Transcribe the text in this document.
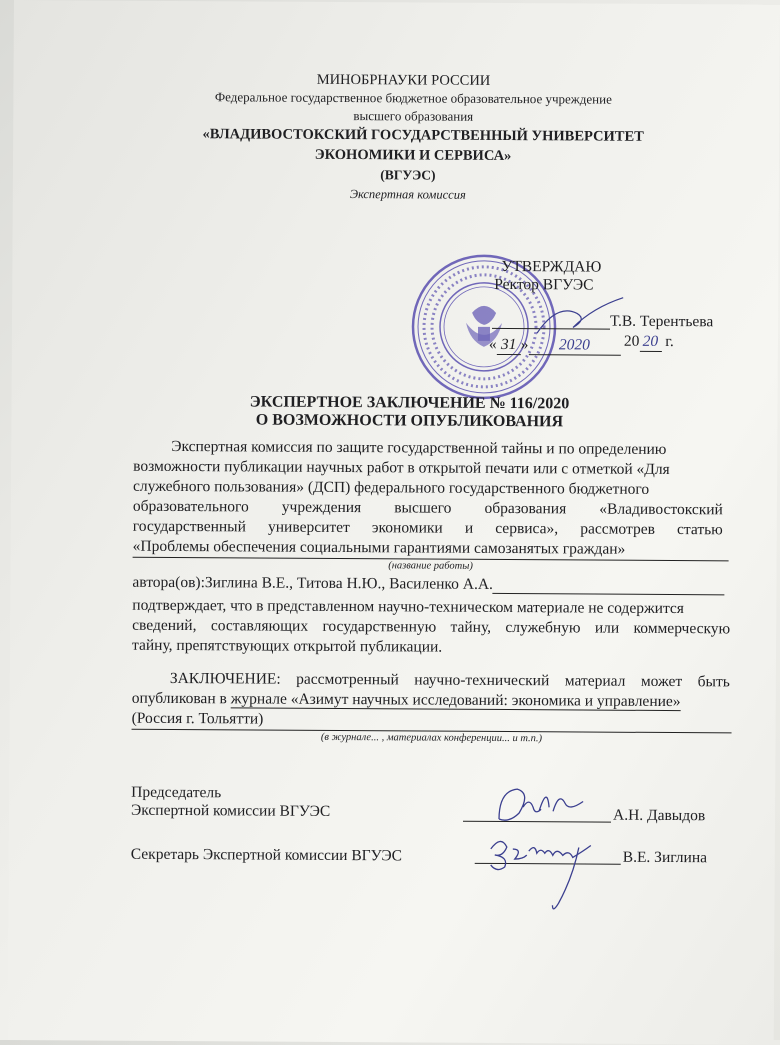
МИНОБРНАУКИ РОССИИ
Федеральное государственное бюджетное образовательное учреждение
высшего образования
«ВЛАДИВОСТОКСКИЙ ГОСУДАРСТВЕННЫЙ УНИВЕРСИТЕТ
ЭКОНОМИКИ И СЕРВИСА»
(ВГУЭС)
Экспертная комиссия
УТВЕРЖДАЮ
Ректор ВГУЭС
Т.В. Терентьева
« 31 » 2020	20 20 г.
ЭКСПЕРТНОЕ ЗАКЛЮЧЕНИЕ № 116/2020
О ВОЗМОЖНОСТИ ОПУБЛИКОВАНИЯ
Экспертная комиссия по защите государственной тайны и по определению
возможности публикации научных работ в открытой печати или с отметкой «Для
служебного пользования» (ДСП) федерального государственного бюджетного
образовательного учреждения высшего образования «Владивостокский
государственный университет экономики и сервиса», рассмотрев статью
«Проблемы обеспечения социальными гарантиями самозанятых граждан»
(название работы)
автора(ов):Зиглина В.Е., Титова Н.Ю., Василенко А.А.
подтверждает, что в представленном научно-техническом материале не содержится
сведений, составляющих государственную тайну, служебную или коммерческую
тайну, препятствующих открытой публикации.
ЗАКЛЮЧЕНИЕ: рассмотренный научно-технический материал может быть
опубликован в журнале «Азимут научных исследований: экономика и управление»
(Россия г. Тольятти)
(в журнале... , материалах конференции... и т.п.)
Председатель
Экспертной комиссии ВГУЭС	А.Н. Давыдов
Секретарь Экспертной комиссии ВГУЭС	В.Е. Зиглина
